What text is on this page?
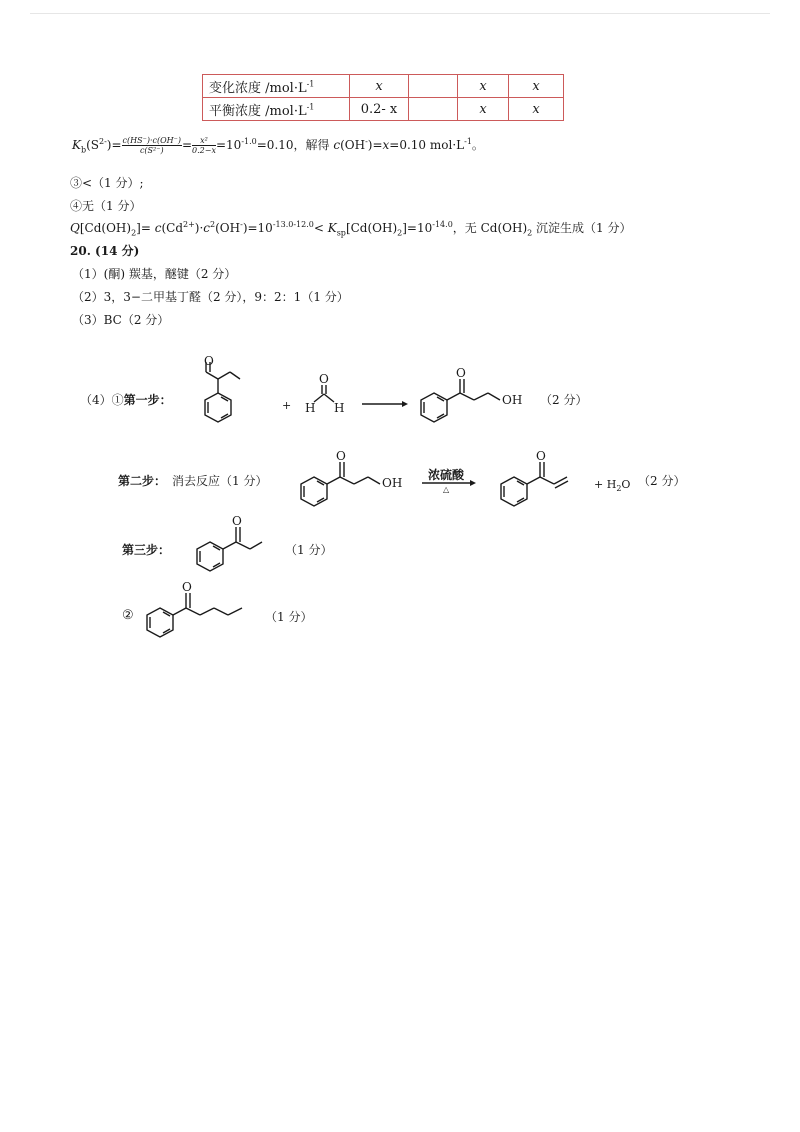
变化浓度 $/mol\cdot L^{-1}$	x		x	x
平衡浓度 $/mol\cdot L^{-1}$	0.2- x		x	x
$K_b(S^{2-})= \frac{c(HS^-)\cdot c(OH^-)}{\text{c(S²⁻)}} = \frac{\text{x²}}{0.2-x} =10^{-1.0}=0.10$，解得 c(OH-)=x=0.10 $mol\cdot L^{-1}$。
③<（1 分）;
④无（1 分）
$Q[Cd(OH)_2]= c(Cd^{2+})\cdot c^2(OH^-)=10^{-13.0-12.0}< K_{sp}[Cd(OH)_2]=10^{-14.0}$，无 $Cd(OH)_2$ 沉淀生成（1 分）
20. (14 分)
（1）(酮) 羰基，醚键（2 分）
（2）3，3−二甲基丁醛（2 分），9：2：1（1 分）
（3）BC（2 分）
（4）①第一步：
O
+
O
H H
O
OH （2 分）
第二步： 消去反应（1 分）
O
OH
浓硫酸
△
O
+ $H_2O$ （2 分）
第三步：
O
（1 分）
②
O
（1 分）
